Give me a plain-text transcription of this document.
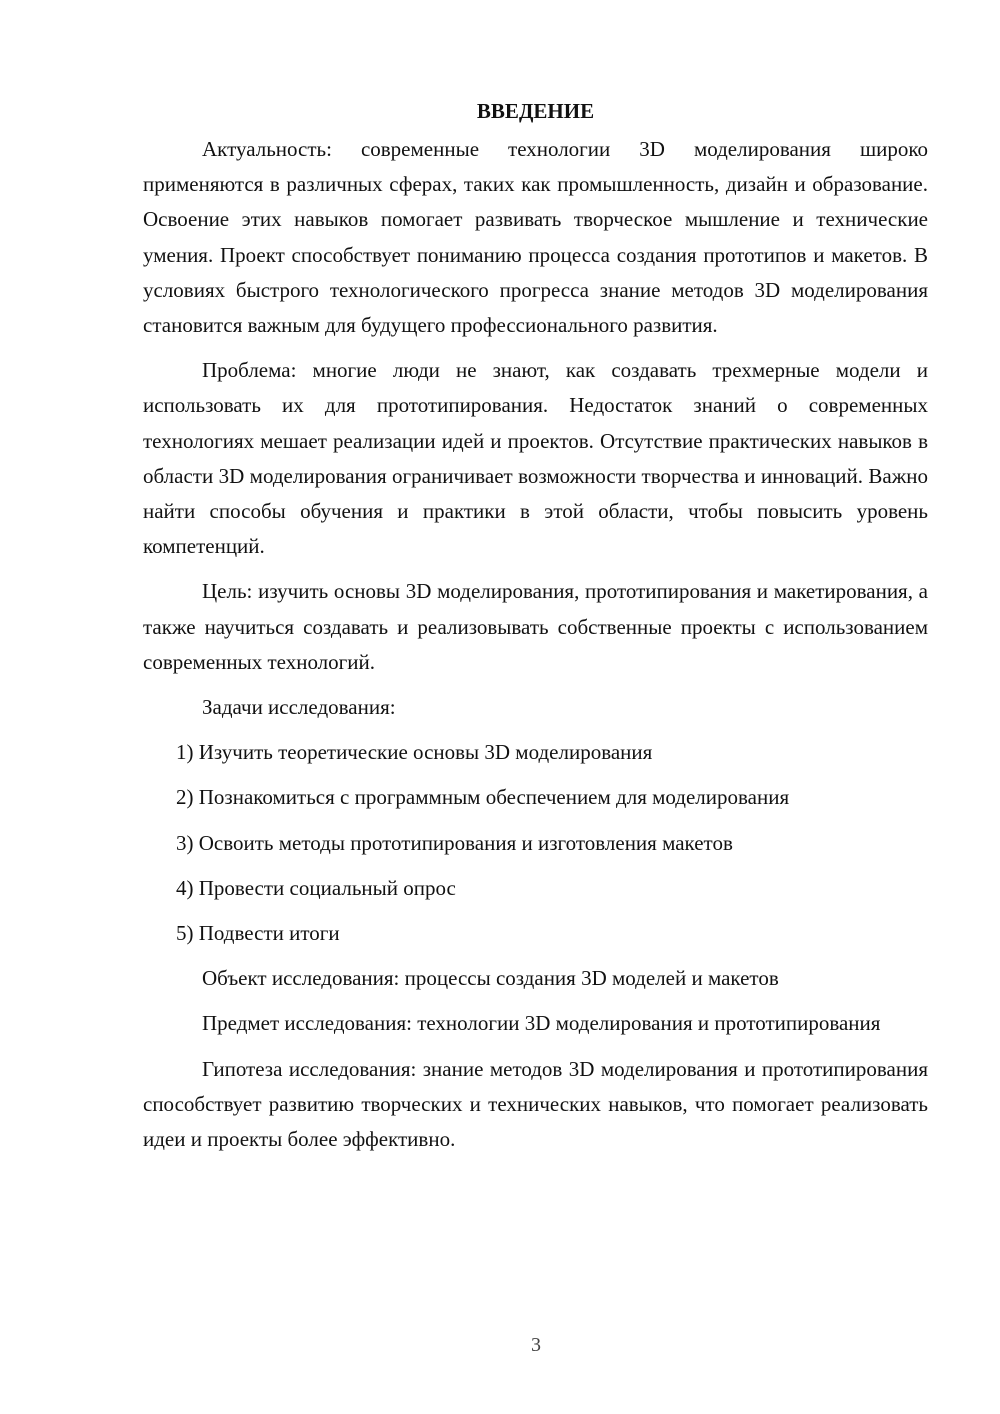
ВВЕДЕНИЕ

Актуальность: современные технологии 3D моделирования широко применяются в различных сферах, таких как промышленность, дизайн и образование. Освоение этих навыков помогает развивать творческое мышление и технические умения. Проект способствует пониманию процесса создания прототипов и макетов. В условиях быстрого технологического прогресса знание методов 3D моделирования становится важным для будущего профессионального развития.

Проблема: многие люди не знают, как создавать трехмерные модели и использовать их для прототипирования. Недостаток знаний о современных технологиях мешает реализации идей и проектов. Отсутствие практических навыков в области 3D моделирования ограничивает возможности творчества и инноваций. Важно найти способы обучения и практики в этой области, чтобы повысить уровень компетенций.

Цель: изучить основы 3D моделирования, прототипирования и макетирования, а также научиться создавать и реализовывать собственные проекты с использованием современных технологий.

Задачи исследования:

1) Изучить теоретические основы 3D моделирования
2) Познакомиться с программным обеспечением для моделирования
3) Освоить методы прототипирования и изготовления макетов
4) Провести социальный опрос
5) Подвести итоги

Объект исследования: процессы создания 3D моделей и макетов

Предмет исследования: технологии 3D моделирования и прототипирования

Гипотеза исследования: знание методов 3D моделирования и прототипирования способствует развитию творческих и технических навыков, что помогает реализовать идеи и проекты более эффективно.

3
